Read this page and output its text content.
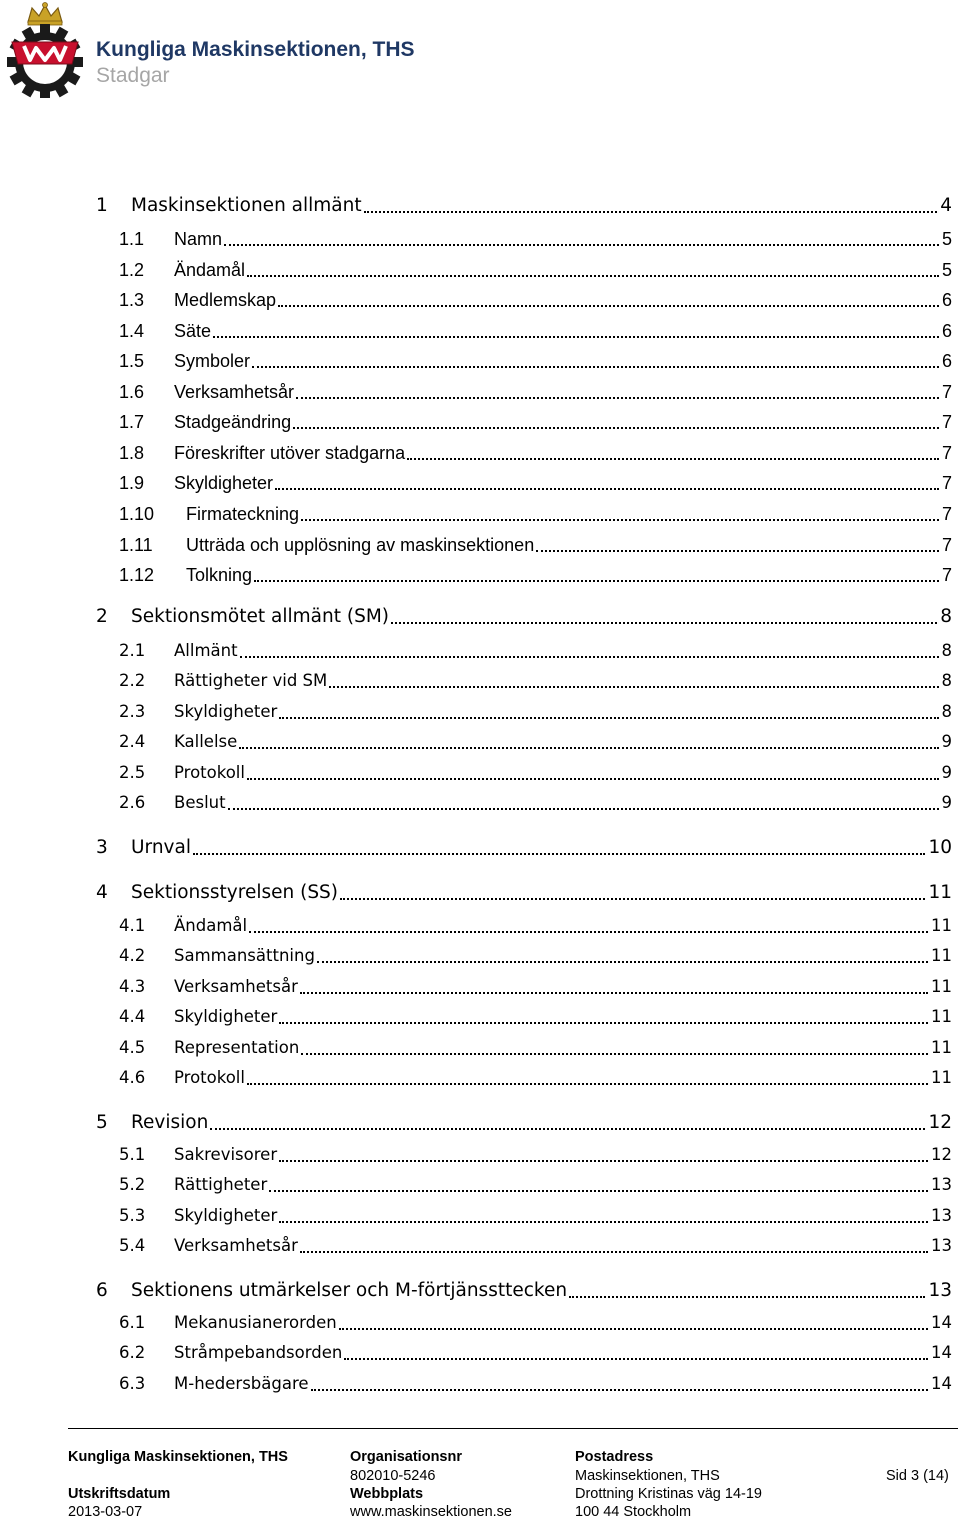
Kungliga Maskinsektionen, THS
Stadgar
1	Maskinsektionen allmänt	4
1.1	Namn	5
1.2	Ändamål	5
1.3	Medlemskap	6
1.4	Säte	6
1.5	Symboler	6
1.6	Verksamhetsår	7
1.7	Stadgeändring	7
1.8	Föreskrifter utöver stadgarna	7
1.9	Skyldigheter	7
1.10	Firmateckning	7
1.11	Utträda och upplösning av maskinsektionen	7
1.12	Tolkning	7
2	Sektionsmötet allmänt (SM)	8
2.1	Allmänt	8
2.2	Rättigheter vid SM	8
2.3	Skyldigheter	8
2.4	Kallelse	9
2.5	Protokoll	9
2.6	Beslut	9
3	Urnval	10
4	Sektionsstyrelsen (SS)	11
4.1	Ändamål	11
4.2	Sammansättning	11
4.3	Verksamhetsår	11
4.4	Skyldigheter	11
4.5	Representation	11
4.6	Protokoll	11
5	Revision	12
5.1	Sakrevisorer	12
5.2	Rättigheter	13
5.3	Skyldigheter	13
5.4	Verksamhetsår	13
6	Sektionens utmärkelser och M-förtjänssttecken	13
6.1	Mekanusianerorden	14
6.2	Stråmpebandsorden	14
6.3	M-hedersbägare	14
Kungliga Maskinsektionen, THS
Utskriftsdatum
2013-03-07
Organisationsnr
802010-5246
Webbplats
www.maskinsektionen.se
Postadress
Maskinsektionen, THS
Drottning Kristinas väg 14-19
100 44 Stockholm
Sid 3 (14)
